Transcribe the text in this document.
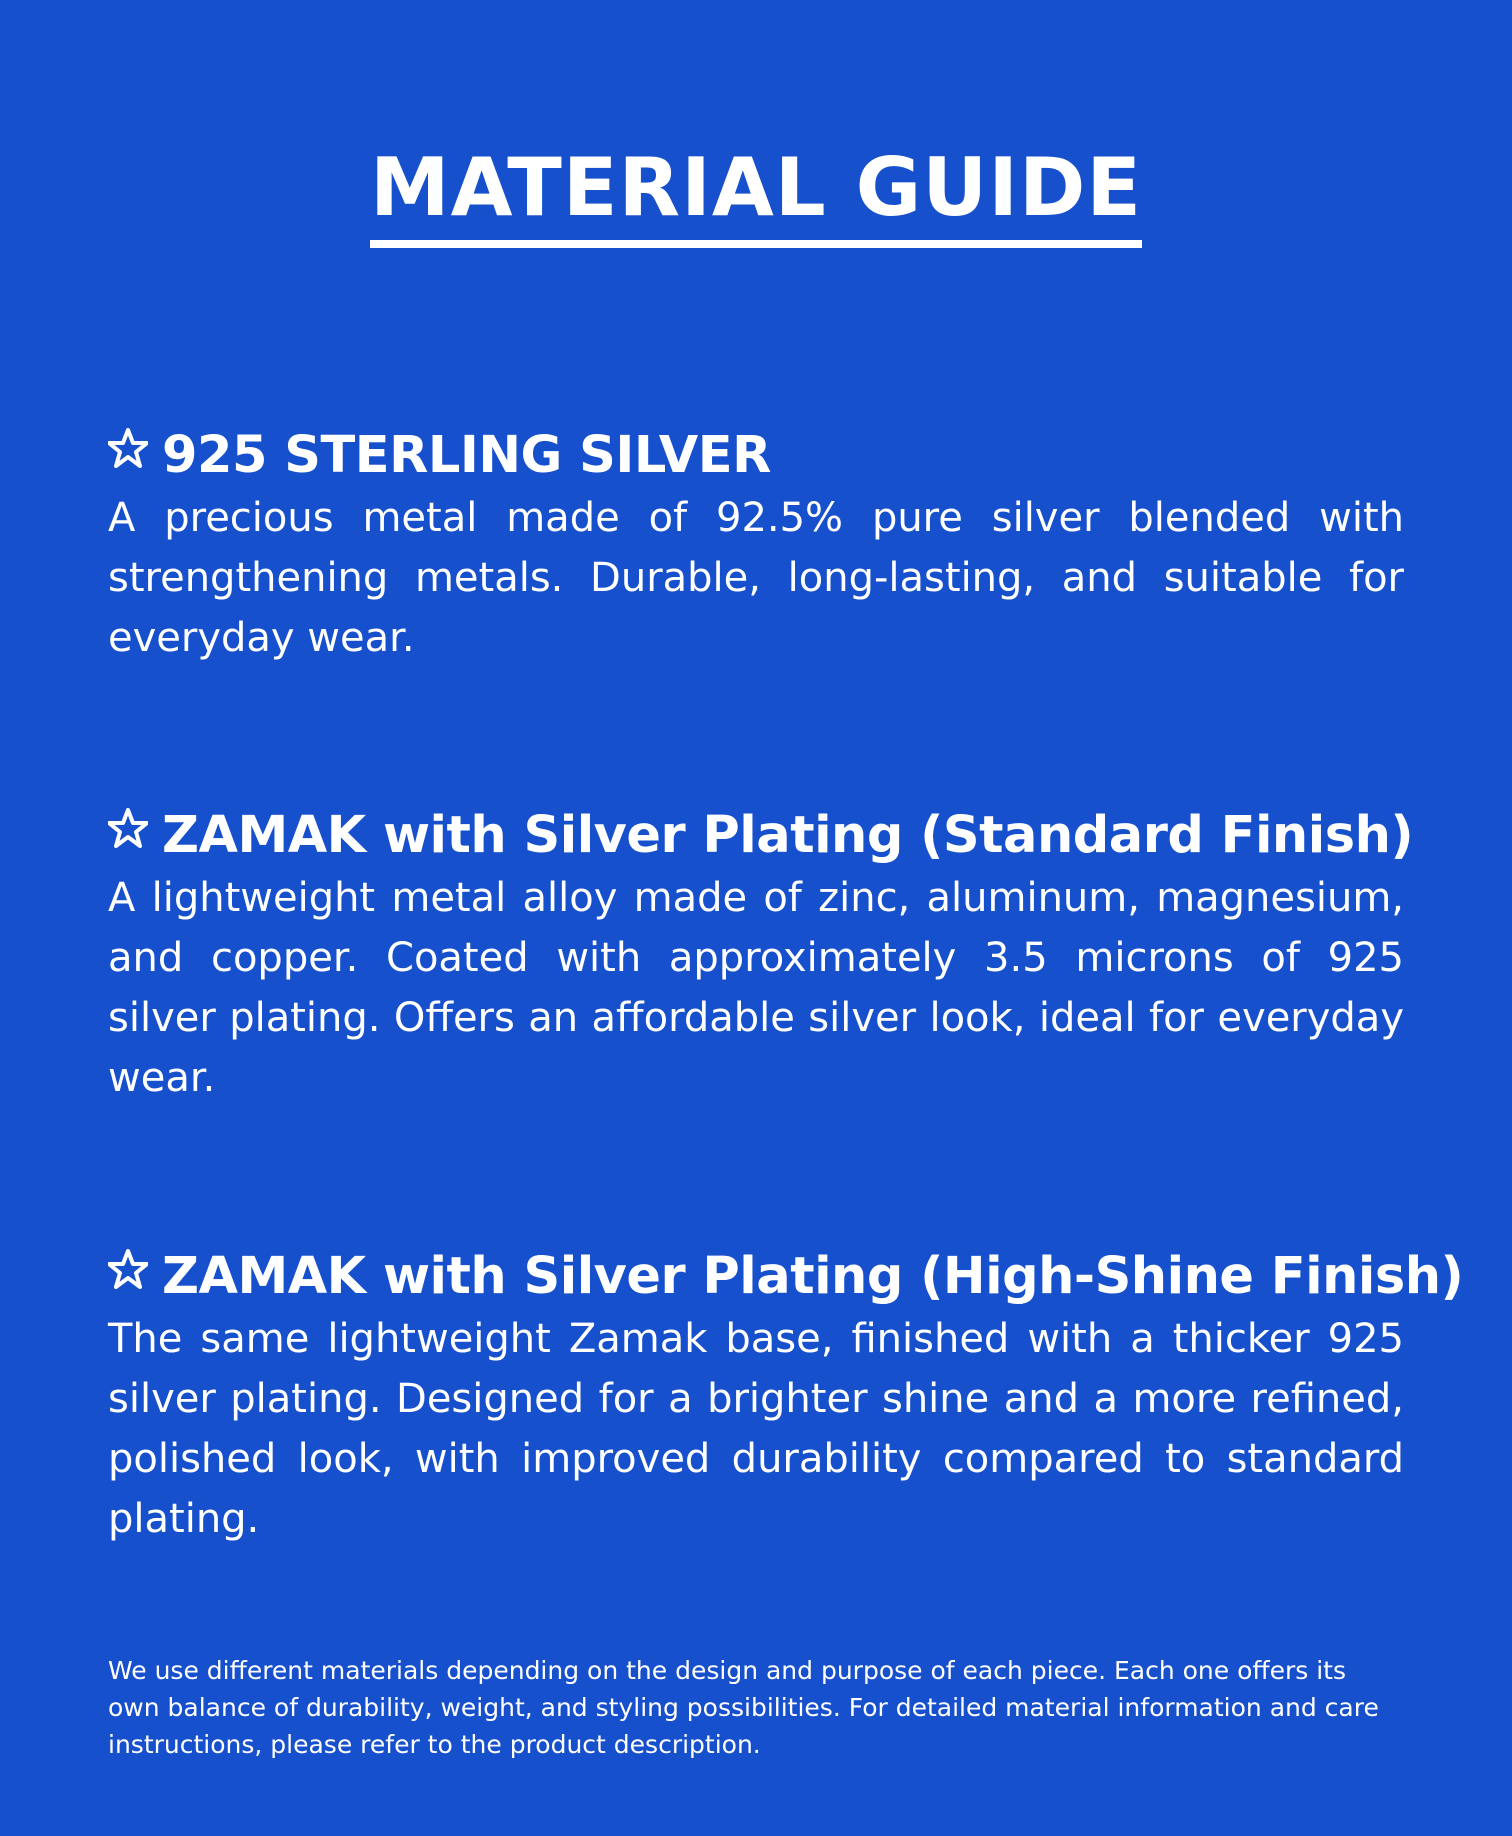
MATERIAL GUIDE
925 STERLING SILVER

A precious metal made of 92.5% pure silver blended with strengthening metals. Durable, long-lasting, and suitable for everyday wear.

ZAMAK with Silver Plating (Standard Finish)

A lightweight metal alloy made of zinc, aluminum, magnesium, and copper. Coated with approximately 3.5 microns of 925 silver plating. Offers an affordable silver look, ideal for everyday wear.

ZAMAK with Silver Plating (High-Shine Finish)

The same lightweight Zamak base, finished with a thicker 925 silver plating. Designed for a brighter shine and a more refined, polished look, with improved durability compared to standard plating.

We use different materials depending on the design and purpose of each piece. Each one offers its own balance of durability, weight, and styling possibilities. For detailed material information and care instructions, please refer to the product description.
